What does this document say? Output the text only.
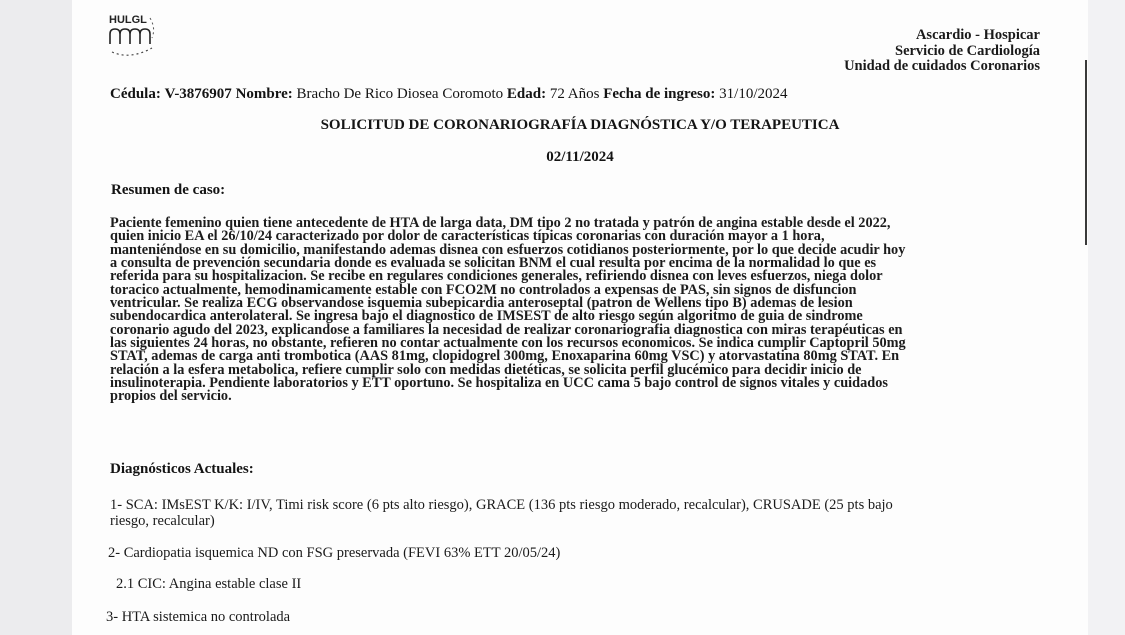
HULGL
Ascardio - Hospicar
Servicio de Cardiología
Unidad de cuidados Coronarios
Cédula: V-3876907 Nombre: Bracho De Rico Diosea Coromoto Edad: 72 Años Fecha de ingreso: 31/10/2024
SOLICITUD DE CORONARIOGRAFÍA DIAGNÓSTICA Y/O TERAPEUTICA
02/11/2024
Resumen de caso:
Paciente femenino quien tiene antecedente de HTA de larga data, DM tipo 2 no tratada y patrón de angina estable desde el 2022,
quien inicio EA el 26/10/24 caracterizado por dolor de características típicas coronarias con duración mayor a 1 hora,
manteniéndose en su domicilio, manifestando ademas disnea con esfuerzos cotidianos posteriormente, por lo que decide acudir hoy
a consulta de prevención secundaria donde es evaluada se solicitan BNM el cual resulta por encima de la normalidad lo que es
referida para su hospitalizacion. Se recibe en regulares condiciones generales, refiriendo disnea con leves esfuerzos, niega dolor
toracico actualmente, hemodinamicamente estable con FCO2M no controlados a expensas de PAS, sin signos de disfuncion
ventricular. Se realiza ECG observandose isquemia subepicardia anteroseptal (patron de Wellens tipo B) ademas de lesion
subendocardica anterolateral. Se ingresa bajo el diagnostico de IMSEST de alto riesgo según algoritmo de guia de sindrome
coronario agudo del 2023, explicandose a familiares la necesidad de realizar coronariografia diagnostica con miras terapéuticas en
las siguientes 24 horas, no obstante, refieren no contar actualmente con los recursos economicos. Se indica cumplir Captopril 50mg
STAT, ademas de carga anti trombotica (AAS 81mg, clopidogrel 300mg, Enoxaparina 60mg VSC) y atorvastatina 80mg STAT. En
relación a la esfera metabolica, refiere cumplir solo con medidas dietéticas, se solicita perfil glucémico para decidir inicio de
insulinoterapia. Pendiente laboratorios y ETT oportuno. Se hospitaliza en UCC cama 5 bajo control de signos vitales y cuidados
propios del servicio.
Diagnósticos Actuales:
1- SCA: IMsEST K/K: I/IV, Timi risk score (6 pts alto riesgo), GRACE (136 pts riesgo moderado, recalcular), CRUSADE (25 pts bajo
riesgo, recalcular)
2- Cardiopatia isquemica ND con FSG preservada (FEVI 63% ETT 20/05/24)
2.1 CIC: Angina estable clase II
3- HTA sistemica no controlada
